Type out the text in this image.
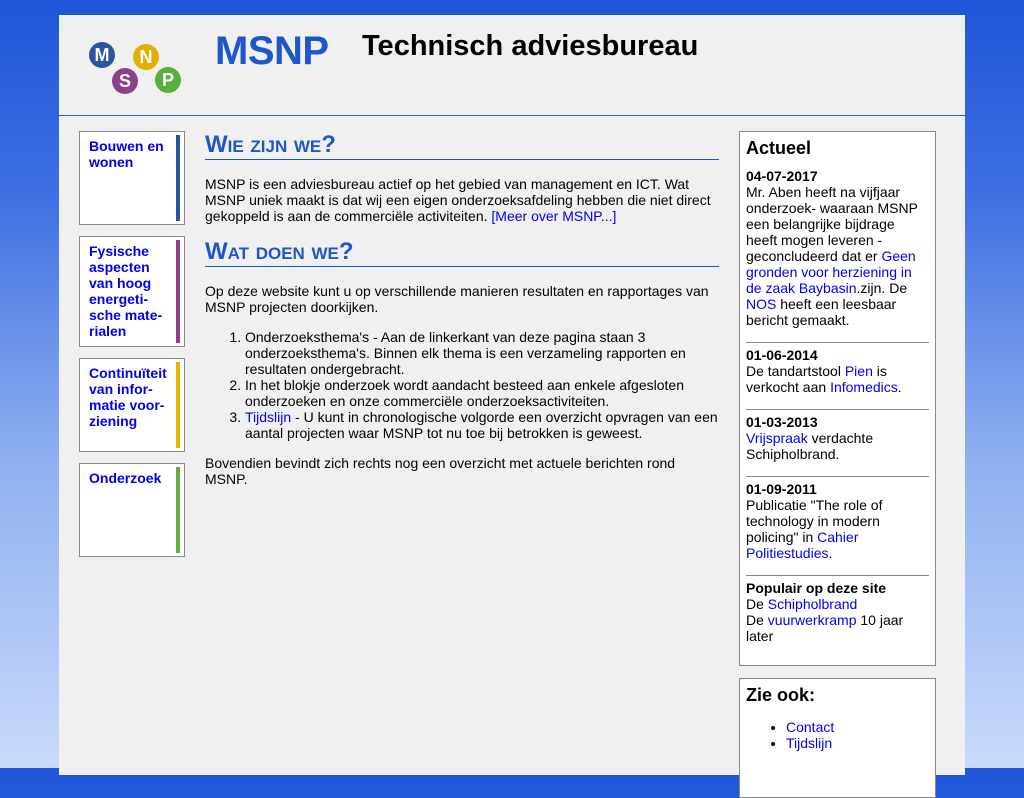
M
S
N
P
MSNP Technisch adviesbureau
Bouwen en wonen
Fysische aspecten van hoog energeti- sche mate- rialen
Continuïteit van infor- matie voor- ziening
Onderzoek
Wie zijn we?

MSNP is een adviesbureau actief op het gebied van management en ICT. Wat MSNP uniek maakt is dat wij een eigen onderzoeksafdeling hebben die niet direct gekoppeld is aan de commerciële activiteiten. [Meer over MSNP...]

Wat doen we?

Op deze website kunt u op verschillende manieren resultaten en rapportages van MSNP projecten doorkijken.

1. Onderzoeksthema's - Aan de linkerkant van deze pagina staan 3 onderzoeksthema's. Binnen elk thema is een verzameling rapporten en resultaten ondergebracht.
2. In het blokje onderzoek wordt aandacht besteed aan enkele afgesloten onderzoeken en onze commerciële onderzoeksactiviteiten.
3. Tijdslijn - U kunt in chronologische volgorde een overzicht opvragen van een aantal projecten waar MSNP tot nu toe bij betrokken is geweest.

Bovendien bevindt zich rechts nog een overzicht met actuele berichten rond MSNP.

Actueel
04-07-2017
Mr. Aben heeft na vijfjaar onderzoek- waaraan MSNP een belangrijke bijdrage heeft mogen leveren - geconcludeerd dat er Geen gronden voor herziening in de zaak Baybasin.zijn. De NOS heeft een leesbaar bericht gemaakt.
01-06-2014
De tandartstool Pien is verkocht aan Infomedics.
01-03-2013
Vrijspraak verdachte Schipholbrand.
01-09-2011
Publicatie "The role of technology in modern policing" in Cahier Politiestudies.
Populair op deze site
De Schipholbrand
De vuurwerkramp 10 jaar later
Zie ook:
• Contact
• Tijdslijn
